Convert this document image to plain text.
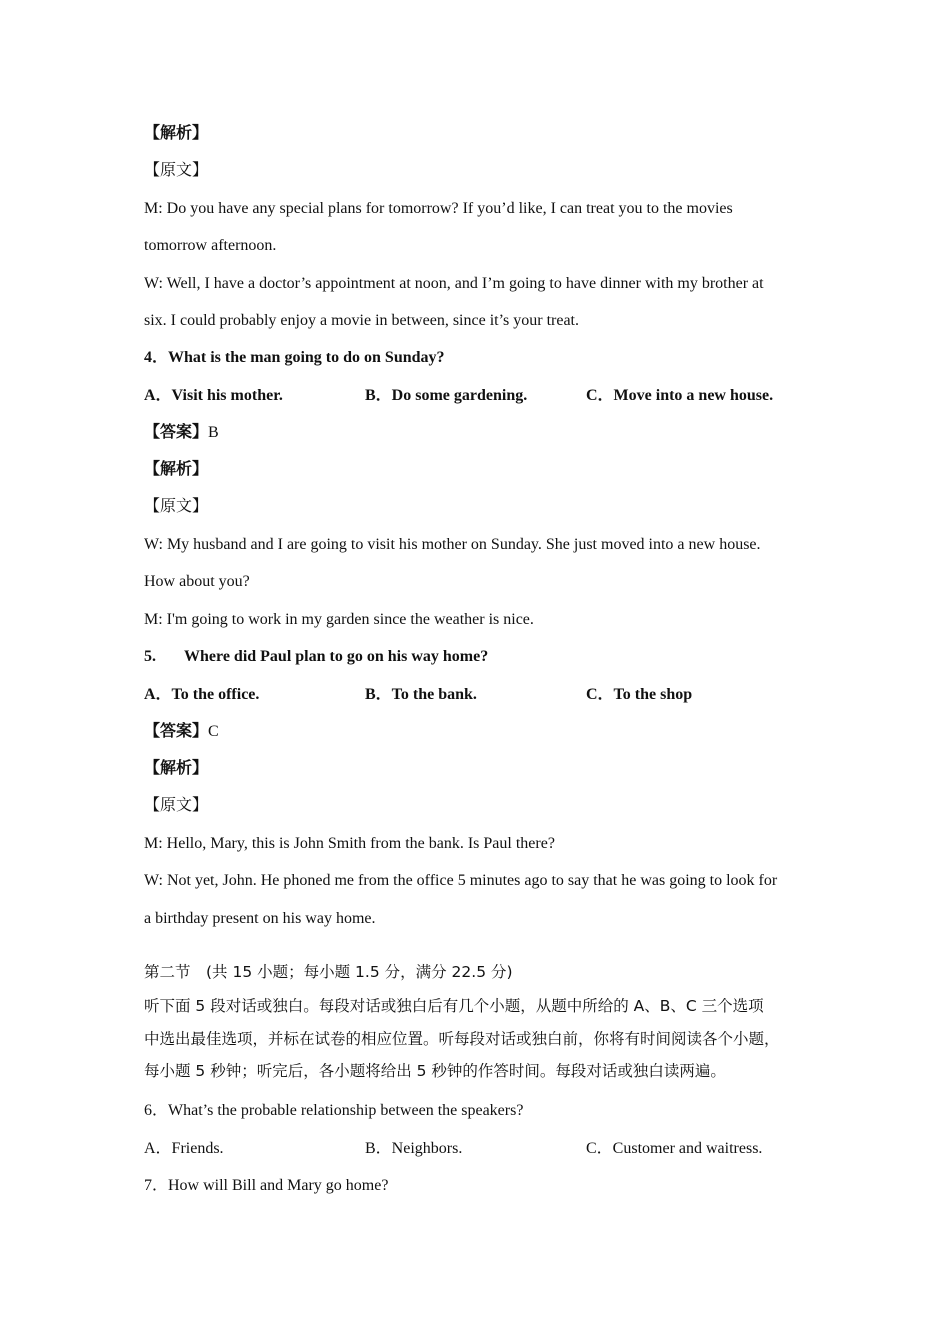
【解析】
【原文】
M: Do you have any special plans for tomorrow? If you’d like, I can treat you to the movies
tomorrow afternoon.
W: Well, I have a doctor’s appointment at noon, and I’m going to have dinner with my brother at
six. I could probably enjoy a movie in between, since it’s your treat.
4．What is the man going to do on Sunday?
A．Visit his mother.	B．Do some gardening.	C．Move into a new house.
【答案】B
【解析】
【原文】
W: My husband and I are going to visit his mother on Sunday. She just moved into a new house.
How about you?
M: I'm going to work in my garden since the weather is nice.
5. Where did Paul plan to go on his way home?
A．To the office.	B．To the bank.	C．To the shop
【答案】C
【解析】
【原文】
M: Hello, Mary, this is John Smith from the bank. Is Paul there?
W: Not yet, John. He phoned me from the office 5 minutes ago to say that he was going to look for
a birthday present on his way home.
第二节　(共 15 小题；每小题 1.5 分，满分 22.5 分)
听下面 5 段对话或独白。每段对话或独白后有几个小题，从题中所给的 A、B、C 三个选项
中选出最佳选项，并标在试卷的相应位置。听每段对话或独白前，你将有时间阅读各个小题，
每小题 5 秒钟；听完后，各小题将给出 5 秒钟的作答时间。每段对话或独白读两遍。
6．What’s the probable relationship between the speakers?
A．Friends.	B．Neighbors.	C．Customer and waitress.
7．How will Bill and Mary go home?
